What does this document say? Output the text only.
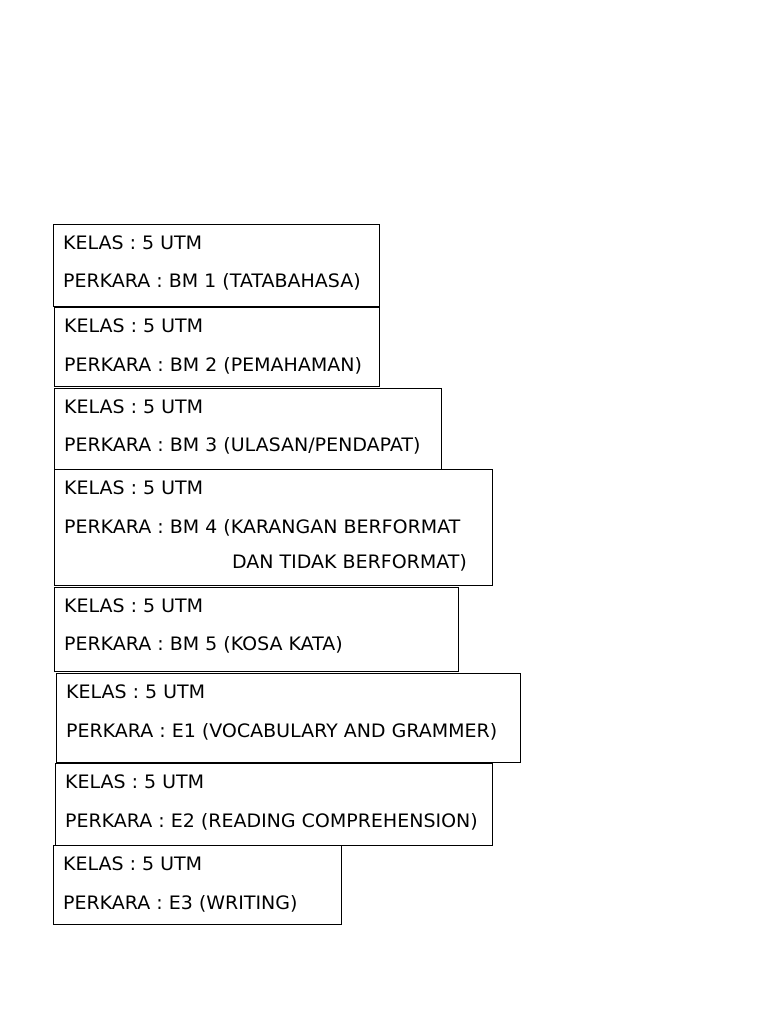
KELAS : 5 UTM
PERKARA : BM 1 (TATABAHASA)
KELAS : 5 UTM
PERKARA : BM 2 (PEMAHAMAN)
KELAS : 5 UTM
PERKARA : BM 3 (ULASAN/PENDAPAT)
KELAS : 5 UTM
PERKARA : BM 4 (KARANGAN BERFORMAT
DAN TIDAK BERFORMAT)
KELAS : 5 UTM
PERKARA : BM 5 (KOSA KATA)
KELAS : 5 UTM
PERKARA : E1 (VOCABULARY AND GRAMMER)
KELAS : 5 UTM
PERKARA : E2 (READING COMPREHENSION)
KELAS : 5 UTM
PERKARA : E3 (WRITING)
